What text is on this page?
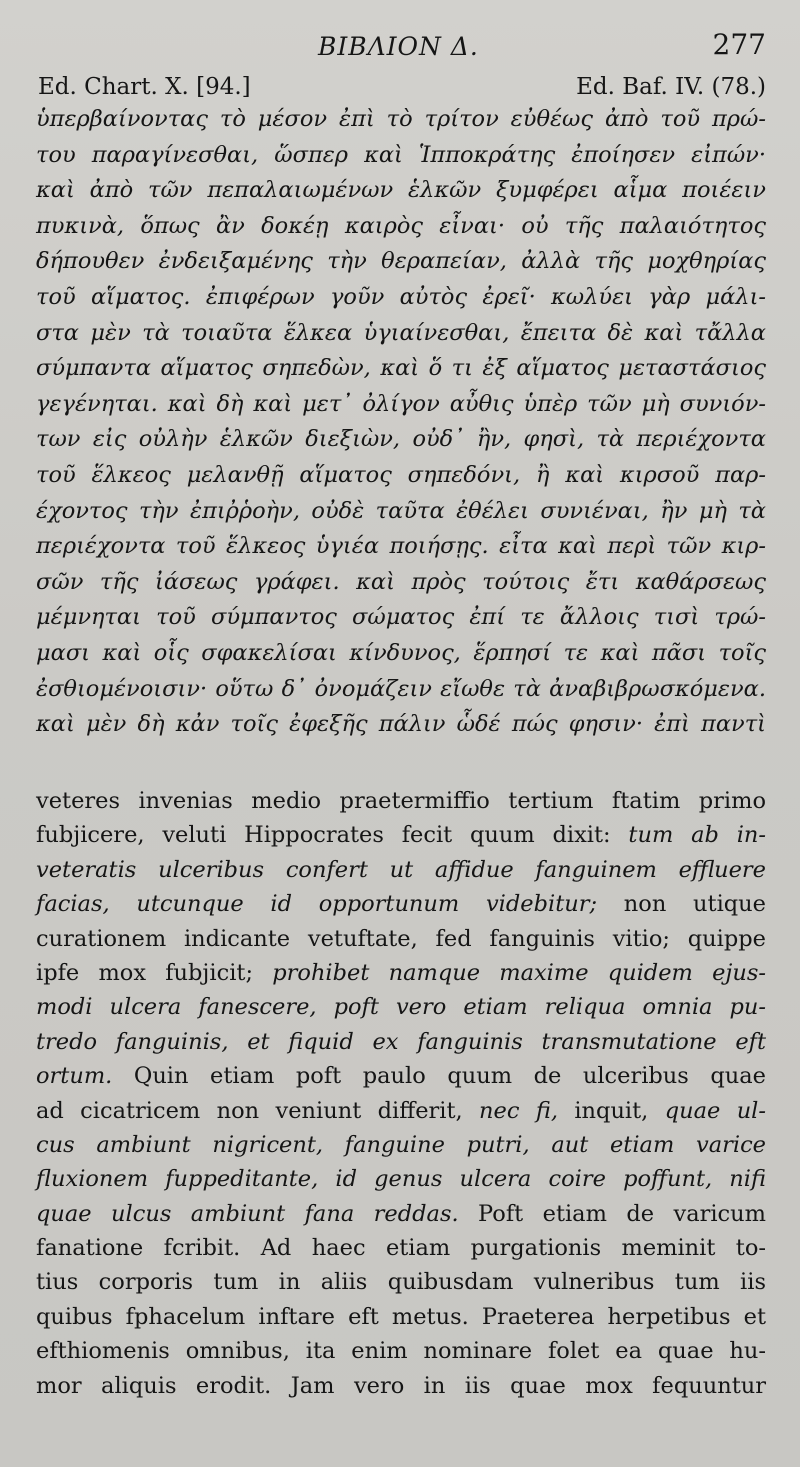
ΒΙΒΛΙΟΝ Δ.	277
Ed. Chart. X. [94.]	Ed. Baf. IV. (78.)
ὑπερβαίνοντας τὸ μέσον ἐπὶ τὸ τρίτον εὐθέως ἀπὸ τοῦ πρώ-
του παραγίνεσθαι, ὥσπερ καὶ Ἱπποκράτης ἐποίησεν εἰπών·
καὶ ἀπὸ τῶν πεπαλαιωμένων ἑλκῶν ξυμφέρει αἷμα ποιέειν
πυκινὰ, ὅπως ἂν δοκέῃ καιρὸς εἶναι· οὐ τῆς παλαιότητος
δήπουθεν ἐνδειξαμένης τὴν θεραπείαν, ἀλλὰ τῆς μοχθηρίας
τοῦ αἵματος. ἐπιφέρων γοῦν αὐτὸς ἐρεῖ· κωλύει γὰρ μάλι-
στα μὲν τὰ τοιαῦτα ἕλκεα ὑγιαίνεσθαι, ἔπειτα δὲ καὶ τἄλλα
σύμπαντα αἵματος σηπεδὼν, καὶ ὅ τι ἐξ αἵματος μεταστάσιος
γεγένηται. καὶ δὴ καὶ μετ᾽ ὀλίγον αὖθις ὑπὲρ τῶν μὴ συνιόν-
των εἰς οὐλὴν ἑλκῶν διεξιὼν, οὐδ᾽ ἢν, φησὶ, τὰ περιέχοντα
τοῦ ἕλκεος μελανθῇ αἵματος σηπεδόνι, ἢ καὶ κιρσοῦ παρ-
έχοντος τὴν ἐπιῤῥοὴν, οὐδὲ ταῦτα ἐθέλει συνιέναι, ἢν μὴ τὰ
περιέχοντα τοῦ ἕλκεος ὑγιέα ποιήσῃς. εἶτα καὶ περὶ τῶν κιρ-
σῶν τῆς ἰάσεως γράφει. καὶ πρὸς τούτοις ἔτι καθάρσεως
μέμνηται τοῦ σύμπαντος σώματος ἐπί τε ἄλλοις τισὶ τρώ-
μασι καὶ οἷς σφακελίσαι κίνδυνος, ἕρπησί τε καὶ πᾶσι τοῖς
ἐσθιομένοισιν· οὕτω δ᾽ ὀνομάζειν εἴωθε τὰ ἀναβιβρωσκόμενα.
καὶ μὲν δὴ κἀν τοῖς ἐφεξῆς πάλιν ὧδέ πώς φησιν· ἐπὶ παντὶ
veteres invenias medio praetermiffio tertium ftatim primo
fubjicere, veluti Hippocrates fecit quum dixit: tum ab in-
veteratis ulceribus confert ut affidue fanguinem effluere
facias, utcunque id opportunum videbitur; non utique
curationem indicante vetuftate, fed fanguinis vitio; quippe
ipfe mox fubjicit; prohibet namque maxime quidem ejus-
modi ulcera fanescere, poft vero etiam reliqua omnia pu-
tredo fanguinis, et fiquid ex fanguinis transmutatione eft
ortum. Quin etiam poft paulo quum de ulceribus quae
ad cicatricem non veniunt differit, nec fi, inquit, quae ul-
cus ambiunt nigricent, fanguine putri, aut etiam varice
fluxionem fuppeditante, id genus ulcera coire poffunt, nifi
quae ulcus ambiunt fana reddas. Poft etiam de varicum
fanatione fcribit. Ad haec etiam purgationis meminit to-
tius corporis tum in aliis quibusdam vulneribus tum iis
quibus fphacelum inftare eft metus. Praeterea herpetibus et
efthiomenis omnibus, ita enim nominare folet ea quae hu-
mor aliquis erodit. Jam vero in iis quae mox fequuntur
